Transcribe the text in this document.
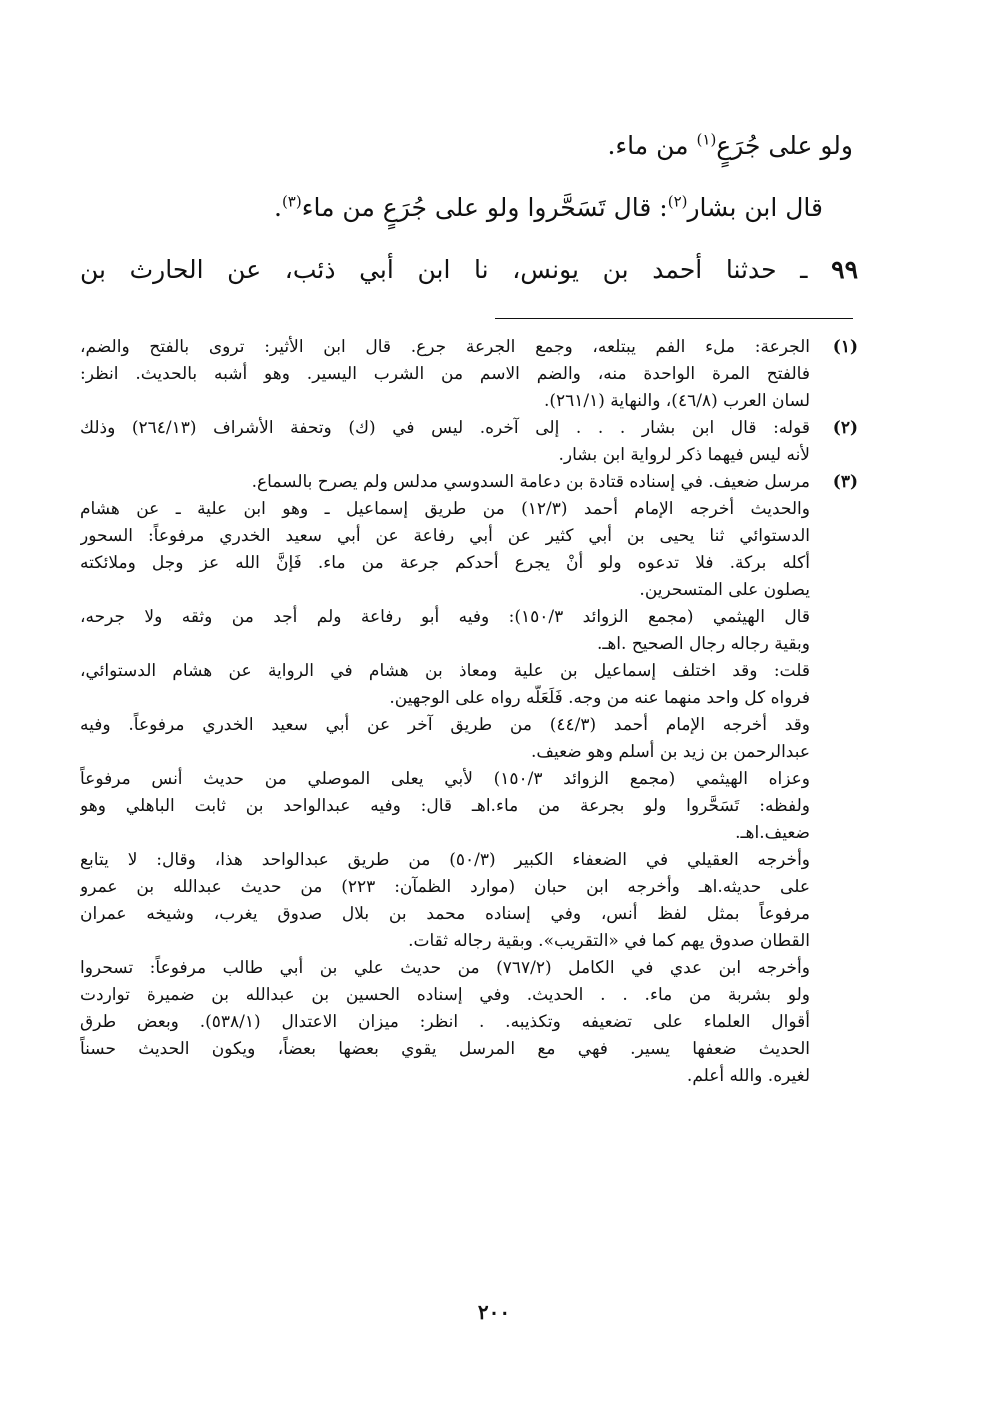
ولو على جُرَعٍ$^{(١)}$ من ماء.
قال ابن بشار$^{(٢)}$: قال تَسَحَّروا ولو على جُرَعٍ من ماء$^{(٣)}$.
٩٩ ـ حدثنا أحمد بن يونس، نا ابن أبي ذئب، عن الحارث بن
(١)
الجرعة: ملء الفم يبتلعه، وجمع الجرعة جرع. قال ابن الأثير: تروى بالفتح والضم،
فالفتح المرة الواحدة منه، والضم الاسم من الشرب اليسير. وهو أشبه بالحديث. انظر:
لسان العرب (٤٦/٨)، والنهاية (٢٦١/١).
(٢)
قوله: قال ابن بشار . . . إلى آخره. ليس في (ك) وتحفة الأشراف (٢٦٤/١٣) وذلك
لأنه ليس فيهما ذكر لرواية ابن بشار.
(٣)
مرسل ضعيف. في إسناده قتادة بن دعامة السدوسي مدلس ولم يصرح بالسماع.
والحديث أخرجه الإمام أحمد (١٢/٣) من طريق إسماعيل ـ وهو ابن علية ـ عن هشام
الدستوائي ثنا يحيى بن أبي كثير عن أبي رفاعة عن أبي سعيد الخدري مرفوعاً: السحور
أكله بركة. فلا تدعوه ولو أنْ يجرع أحدكم جرعة من ماء. فَإنَّ الله عز وجل وملائكته
يصلون على المتسحرين.
قال الهيثمي (مجمع الزوائد ١٥٠/٣): وفيه أبو رفاعة ولم أجد من وثقه ولا جرحه،
وبقية رجاله رجال الصحيح .اهـ.
قلت: وقد اختلف إسماعيل بن علية ومعاذ بن هشام في الرواية عن هشام الدستوائي،
فرواه كل واحد منهما عنه من وجه. فَلَعَلَّه رواه على الوجهين.
وقد أخرجه الإمام أحمد (٤٤/٣) من طريق آخر عن أبي سعيد الخدري مرفوعاً. وفيه
عبدالرحمن بن زيد بن أسلم وهو ضعيف.
وعزاه الهيثمي (مجمع الزوائد ١٥٠/٣) لأبي يعلى الموصلي من حديث أنس مرفوعاً
ولفظه: تَسَحَّروا ولو بجرعة من ماء.اهـ قال: وفيه عبدالواحد بن ثابت الباهلي وهو
ضعيف.اهـ.
وأخرجه العقيلي في الضعفاء الكبير (٥٠/٣) من طريق عبدالواحد هذا، وقال: لا يتابع
على حديثه.اهـ وأخرجه ابن حبان (موارد الظمآن: ٢٢٣) من حديث عبدالله بن عمرو
مرفوعاً بمثل لفظ أنس، وفي إسناده محمد بن بلال صدوق يغرب، وشيخه عمران
القطان صدوق يهم كما في «التقريب». وبقية رجاله ثقات.
وأخرجه ابن عدي في الكامل (٧٦٧/٢) من حديث علي بن أبي طالب مرفوعاً: تسحروا
ولو بشربة من ماء. . . الحديث. وفي إسناده الحسين بن عبدالله بن ضميرة تواردت
أقوال العلماء على تضعيفه وتكذيبه. . انظر: ميزان الاعتدال (٥٣٨/١). وبعض طرق
الحديث ضعفها يسير. فهي مع المرسل يقوي بعضها بعضاً، ويكون الحديث حسناً
لغيره. والله أعلم.
٢٠٠
